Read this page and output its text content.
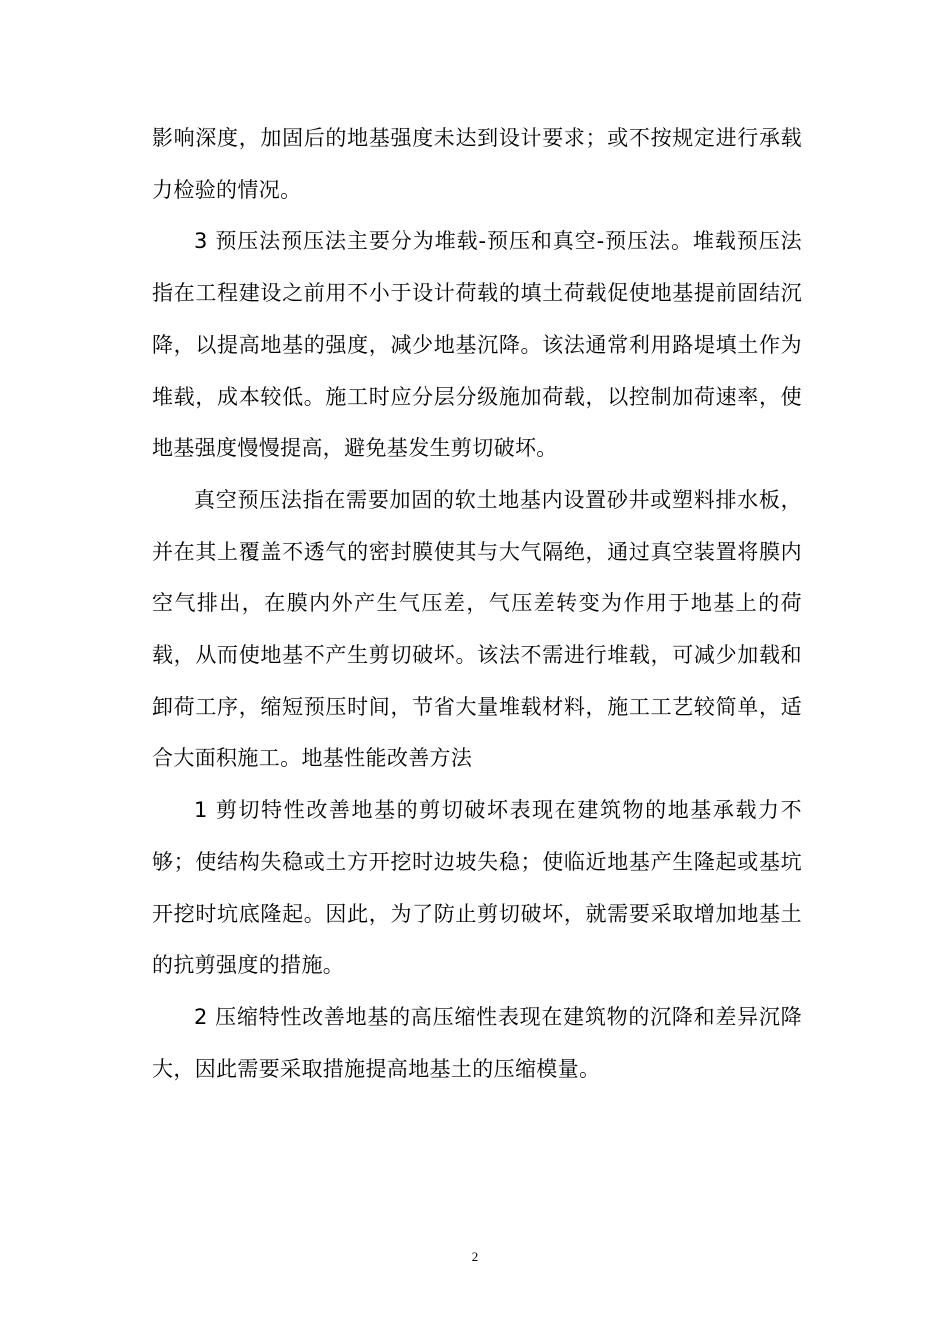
影响深度，加固后的地基强度未达到设计要求；或不按规定进行承载力检验的情况。

3 预压法预压法主要分为堆载-预压和真空-预压法。堆载预压法指在工程建设之前用不小于设计荷载的填土荷载促使地基提前固结沉降，以提高地基的强度，减少地基沉降。该法通常利用路堤填土作为堆载，成本较低。施工时应分层分级施加荷载，以控制加荷速率，使地基强度慢慢提高，避免基发生剪切破坏。

真空预压法指在需要加固的软土地基内设置砂井或塑料排水板，并在其上覆盖不透气的密封膜使其与大气隔绝，通过真空装置将膜内空气排出，在膜内外产生气压差，气压差转变为作用于地基上的荷载，从而使地基不产生剪切破坏。该法不需进行堆载，可减少加载和卸荷工序，缩短预压时间，节省大量堆载材料，施工工艺较简单，适合大面积施工。地基性能改善方法

1 剪切特性改善地基的剪切破坏表现在建筑物的地基承载力不够；使结构失稳或土方开挖时边坡失稳；使临近地基产生隆起或基坑开挖时坑底隆起。因此，为了防止剪切破坏，就需要采取增加地基土的抗剪强度的措施。

2 压缩特性改善地基的高压缩性表现在建筑物的沉降和差异沉降大，因此需要采取措施提高地基土的压缩模量。

2
